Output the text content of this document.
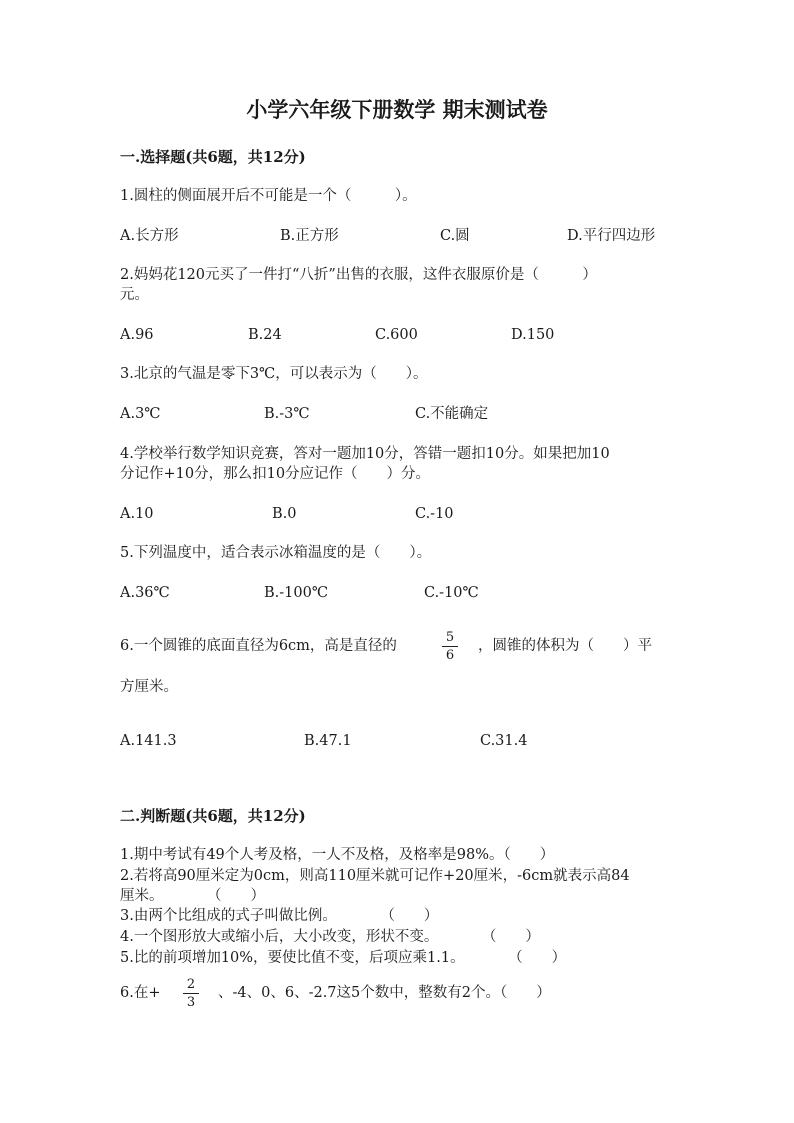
小学六年级下册数学 期末测试卷
一.选择题(共6题，共12分)
1.圆柱的侧面展开后不可能是一个（　　　）。
A.长方形	B.正方形	C.圆	D.平行四边形
2.妈妈花120元买了一件打“八折”出售的衣服，这件衣服原价是（　　　）
元。
A.96	B.24	C.600	D.150
3.北京的气温是零下3℃，可以表示为（　　）。
A.3℃	B.-3℃	C.不能确定
4.学校举行数学知识竞赛，答对一题加10分，答错一题扣10分。如果把加10
分记作+10分，那么扣10分应记作（　　）分。
A.10	B.0	C.-10
5.下列温度中，适合表示冰箱温度的是（　　）。
A.36℃	B.-100℃	C.-10℃
6.一个圆锥的底面直径为6cm，高是直径的
5
6
，圆锥的体积为（　　）平
方厘米。
A.141.3	B.47.1	C.31.4
二.判断题(共6题，共12分)
1.期中考试有49个人考及格，一人不及格，及格率是98%。（　　）
2.若将高90厘米定为0cm，则高110厘米就可记作+20厘米，-6cm就表示高84
厘米。　　　　（　　）
3.由两个比组成的式子叫做比例。　　　　（　　）
4.一个图形放大或缩小后，大小改变，形状不变。　　　　（　　）
5.比的前项增加10%，要使比值不变，后项应乘1.1。　　　　（　　）
6.在+
2
3
、-4、0、6、-2.7这5个数中，整数有2个。（　　）
